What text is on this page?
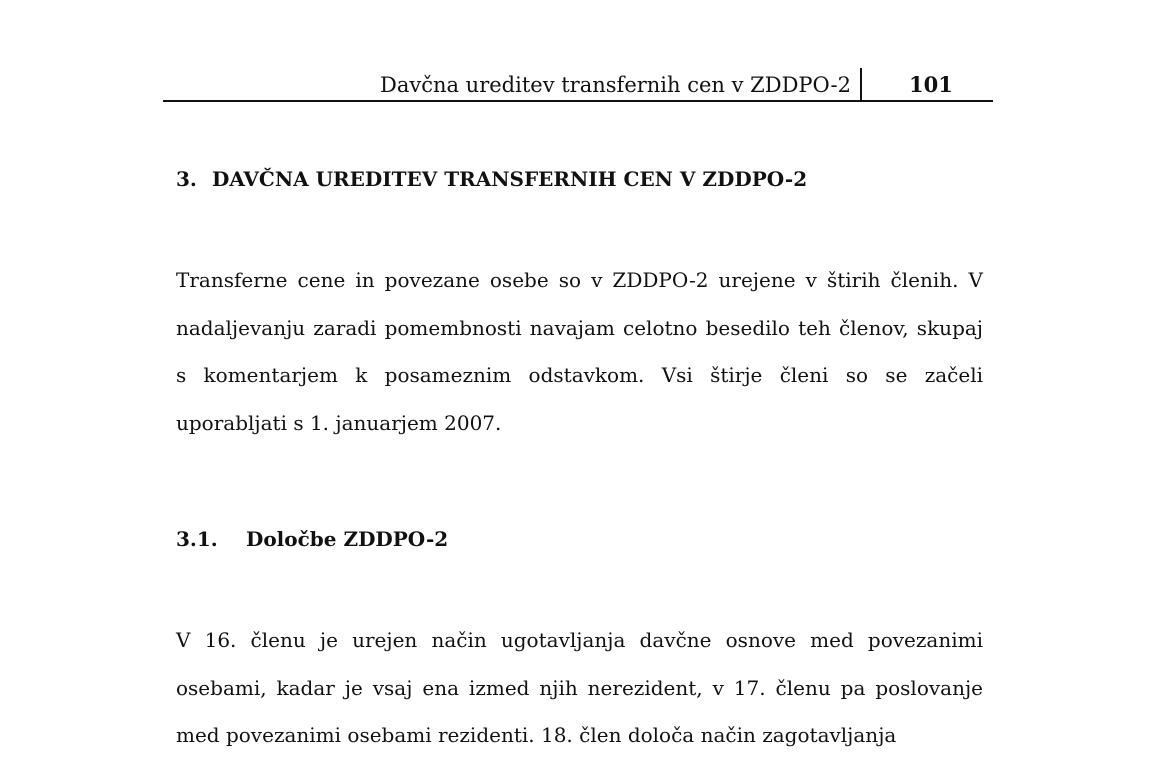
Davčna ureditev transfernih cen v ZDDPO-2	101
3. DAVČNA UREDITEV TRANSFERNIH CEN V ZDDPO-2
Transferne cene in povezane osebe so v ZDDPO-2 urejene v štirih členih. V nadaljevanju zaradi pomembnosti navajam celotno besedilo teh členov, skupaj s komentarjem k posameznim odstavkom. Vsi štirje členi so se začeli uporabljati s 1. januarjem 2007.
3.1. Določbe ZDDPO-2
V 16. členu je urejen način ugotavljanja davčne osnove med povezanimi osebami, kadar je vsaj ena izmed njih nerezident, v 17. členu pa poslovanje med povezanimi osebami rezidenti. 18. člen določa način zagotavljanja
